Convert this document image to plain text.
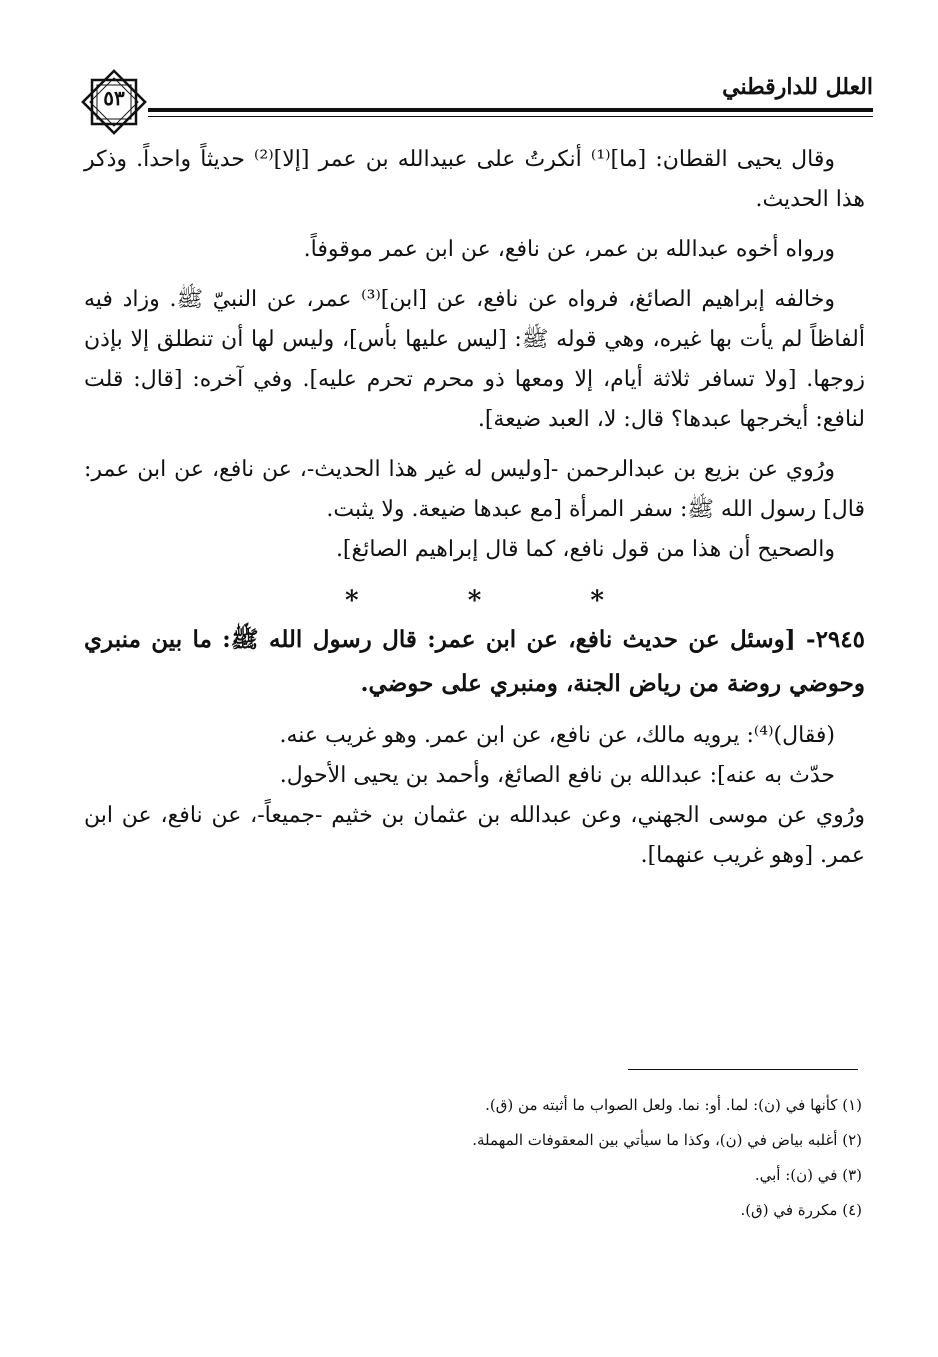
٥٣	العلل للدارقطني

وقال يحيى القطان: [ما]⁽¹⁾ أنكرتُ على عبيدالله بن عمر [إلا]⁽²⁾ حديثاً واحداً. وذكر هذا الحديث.

ورواه أخوه عبدالله بن عمر، عن نافع، عن ابن عمر موقوفاً.

وخالفه إبراهيم الصائغ، فرواه عن نافع، عن [ابن]⁽³⁾ عمر، عن النبيّ ﷺ. وزاد فيه ألفاظاً لم يأت بها غيره، وهي قوله ﷺ: [ليس عليها بأس]، وليس لها أن تنطلق إلا بإذن زوجها. [ولا تسافر ثلاثة أيام، إلا ومعها ذو محرم تحرم عليه]. وفي آخره: [قال: قلت لنافع: أيخرجها عبدها؟ قال: لا، العبد ضيعة].

ورُوي عن بزيع بن عبدالرحمن -[وليس له غير هذا الحديث-، عن نافع، عن ابن عمر: قال] رسول الله ﷺ: سفر المرأة [مع عبدها ضيعة. ولا يثبت.

والصحيح أن هذا من قول نافع، كما قال إبراهيم الصائغ].

* * *

٢٩٤٥- [وسئل عن حديث نافع، عن ابن عمر: قال رسول الله ﷺ: ما بين منبري وحوضي روضة من رياض الجنة، ومنبري على حوضي.

(فقال)⁽⁴⁾: يرويه مالك، عن نافع، عن ابن عمر. وهو غريب عنه.

حدّث به عنه]: عبدالله بن نافع الصائغ، وأحمد بن يحيى الأحول.

ورُوي عن موسى الجهني، وعن عبدالله بن عثمان بن خثيم -جميعاً-، عن نافع، عن ابن عمر. [وهو غريب عنهما].

(١) كأنها في (ن): لما. أو: نما. ولعل الصواب ما أثبته من (ق).

(٢) أغلبه بياض في (ن)، وكذا ما سيأتي بين المعقوفات المهملة.

(٣) في (ن): أبي.

(٤) مكررة في (ق).
